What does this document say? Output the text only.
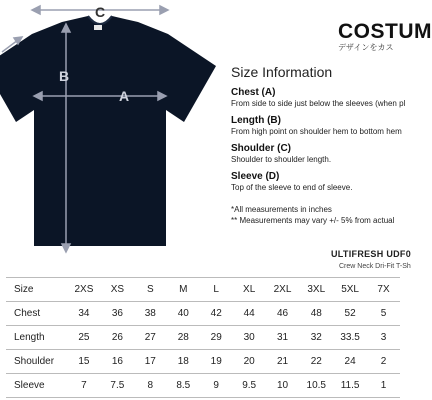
C
B
A
COSTUM
デザインをカス
Size Information
Chest (A)
From side to side just below the sleeves (when pl
Length (B)
From high point on shoulder hem to bottom hem
Shoulder (C)
Shoulder to shoulder length.
Sleeve (D)
Top of the sleeve to end of sleeve.
*All measurements in inches
** Measurements may vary +/- 5% from actual
ULTIFRESH UDF0
Crew Neck Dri-Fit T-Sh
Size	2XS	XS	S	M	L	XL	2XL	3XL	5XL	7X
Chest	34	36	38	40	42	44	46	48	52	5
Length	25	26	27	28	29	30	31	32	33.5	3
Shoulder	15	16	17	18	19	20	21	22	24	2
Sleeve	7	7.5	8	8.5	9	9.5	10	10.5	11.5	1
